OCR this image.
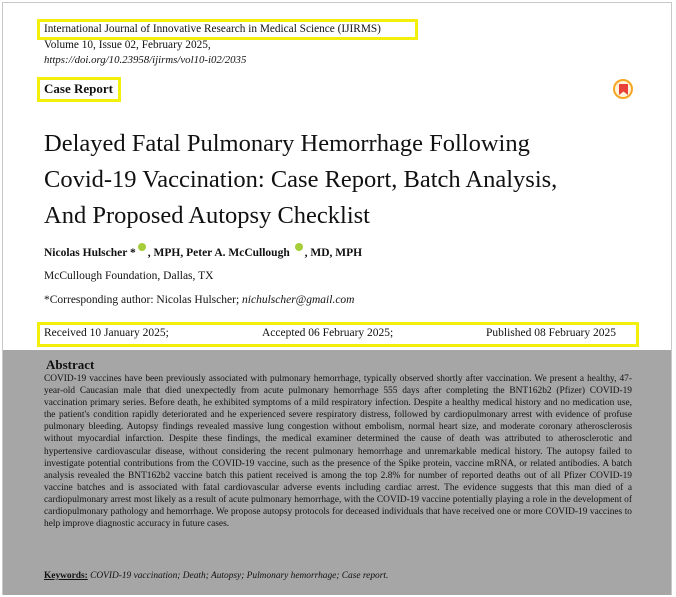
International Journal of Innovative Research in Medical Science (IJIRMS)
Volume 10, Issue 02, February 2025,
https://doi.org/10.23958/ijirms/vol10-i02/2035
Case Report
Delayed Fatal Pulmonary Hemorrhage Following
Covid-19 Vaccination: Case Report, Batch Analysis,
And Proposed Autopsy Checklist
Nicolas Hulscher * , MPH, Peter A. McCullough , MD, MPH
McCullough Foundation, Dallas, TX
*Corresponding author: Nicolas Hulscher; nichulscher@gmail.com
Received 10 January 2025;	Accepted 06 February 2025;	Published 08 February 2025
Abstract
COVID-19 vaccines have been previously associated with pulmonary hemorrhage, typically observed shortly after vaccination. We present a healthy, 47-year-old Caucasian male that died unexpectedly from acute pulmonary hemorrhage 555 days after completing the BNT162b2 (Pfizer) COVID-19 vaccination primary series. Before death, he exhibited symptoms of a mild respiratory infection. Despite a healthy medical history and no medication use, the patient's condition rapidly deteriorated and he experienced severe respiratory distress, followed by cardiopulmonary arrest with evidence of profuse pulmonary bleeding. Autopsy findings revealed massive lung congestion without embolism, normal heart size, and moderate coronary atherosclerosis without myocardial infarction. Despite these findings, the medical examiner determined the cause of death was attributed to atherosclerotic and hypertensive cardiovascular disease, without considering the recent pulmonary hemorrhage and unremarkable medical history. The autopsy failed to investigate potential contributions from the COVID-19 vaccine, such as the presence of the Spike protein, vaccine mRNA, or related antibodies. A batch analysis revealed the BNT162b2 vaccine batch this patient received is among the top 2.8% for number of reported deaths out of all Pfizer COVID-19 vaccine batches and is associated with fatal cardiovascular adverse events including cardiac arrest. The evidence suggests that this man died of a cardiopulmonary arrest most likely as a result of acute pulmonary hemorrhage, with the COVID-19 vaccine potentially playing a role in the development of cardiopulmonary pathology and hemorrhage. We propose autopsy protocols for deceased individuals that have received one or more COVID-19 vaccines to help improve diagnostic accuracy in future cases.
Keywords: COVID-19 vaccination; Death; Autopsy; Pulmonary hemorrhage; Case report.
